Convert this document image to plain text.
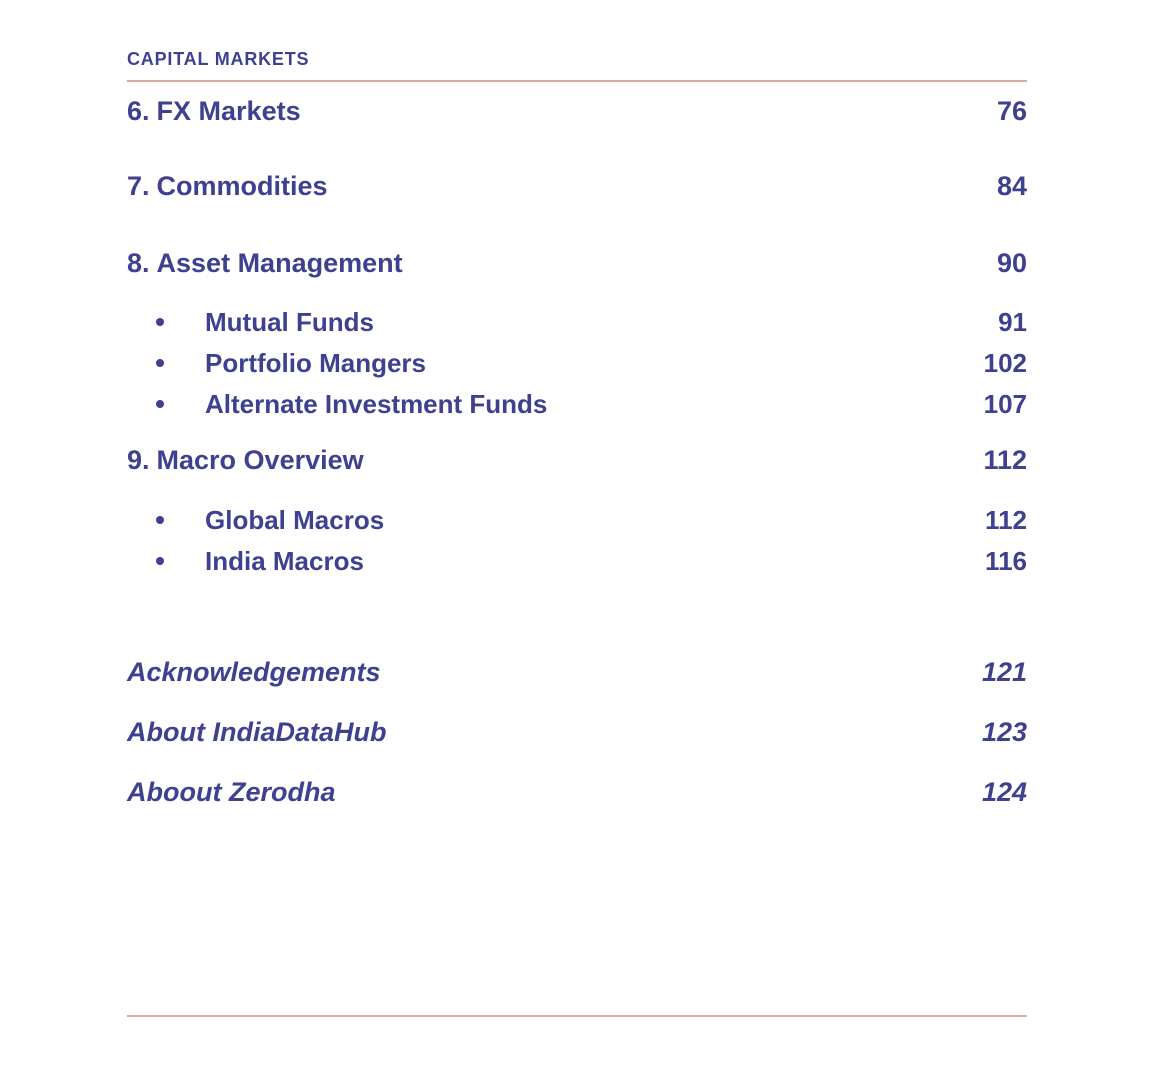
CAPITAL MARKETS
6. FX Markets	76
7. Commodities	84
8. Asset Management	90
Mutual Funds	91
Portfolio Mangers	102
Alternate Investment Funds	107
9. Macro Overview	112
Global Macros	112
India Macros	116
Acknowledgements	121
About IndiaDataHub	123
Aboout Zerodha	124
